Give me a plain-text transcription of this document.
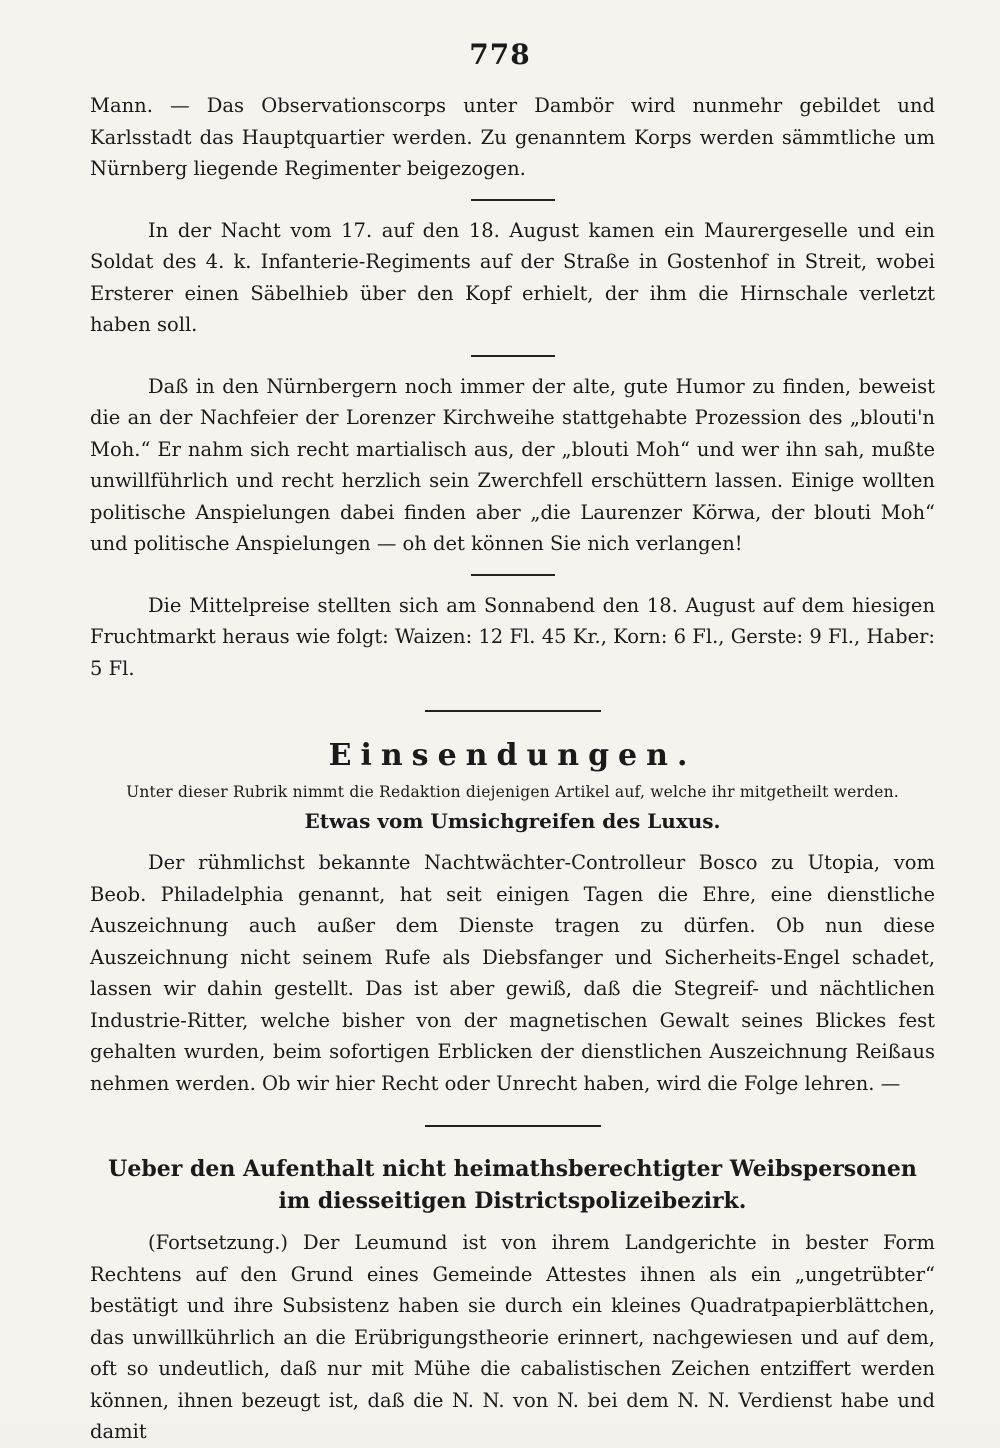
778

Mann. — Das Observationscorps unter Dambör wird nunmehr gebildet und Karlsstadt das Hauptquartier werden. Zu genanntem Korps werden sämmtliche um Nürnberg liegende Regimenter beigezogen.

In der Nacht vom 17. auf den 18. August kamen ein Maurergeselle und ein Soldat des 4. k. Infanterie-Regiments auf der Straße in Gostenhof in Streit, wobei Ersterer einen Säbelhieb über den Kopf erhielt, der ihm die Hirnschale verletzt haben soll.

Daß in den Nürnbergern noch immer der alte, gute Humor zu finden, beweist die an der Nachfeier der Lorenzer Kirchweihe stattgehabte Prozession des „blouti'n Moh.“ Er nahm sich recht martialisch aus, der „blouti Moh“ und wer ihn sah, mußte unwillführlich und recht herzlich sein Zwerchfell erschüttern lassen. Einige wollten politische Anspielungen dabei finden aber „die Laurenzer Körwa, der blouti Moh“ und politische Anspielungen — oh det können Sie nich verlangen!

Die Mittelpreise stellten sich am Sonnabend den 18. August auf dem hiesigen Fruchtmarkt heraus wie folgt: Waizen: 12 Fl. 45 Kr., Korn: 6 Fl., Gerste: 9 Fl., Haber: 5 Fl.

Einsendungen.
Unter dieser Rubrik nimmt die Redaktion diejenigen Artikel auf, welche ihr mitgetheilt werden.
Etwas vom Umsichgreifen des Luxus.

Der rühmlichst bekannte Nachtwächter-Controlleur Bosco zu Utopia, vom Beob. Philadelphia genannt, hat seit einigen Tagen die Ehre, eine dienstliche Auszeichnung auch außer dem Dienste tragen zu dürfen. Ob nun diese Auszeichnung nicht seinem Rufe als Diebsfanger und Sicherheits-Engel schadet, lassen wir dahin gestellt. Das ist aber gewiß, daß die Stegreif- und nächtlichen Industrie-Ritter, welche bisher von der magnetischen Gewalt seines Blickes fest gehalten wurden, beim sofortigen Erblicken der dienstlichen Auszeichnung Reißaus nehmen werden. Ob wir hier Recht oder Unrecht haben, wird die Folge lehren. —

Ueber den Aufenthalt nicht heimathsberechtigter Weibspersonen
im diesseitigen Districtspolizeibezirk.

(Fortsetzung.) Der Leumund ist von ihrem Landgerichte in bester Form Rechtens auf den Grund eines Gemeinde Attestes ihnen als ein „ungetrübter“ bestätigt und ihre Subsistenz haben sie durch ein kleines Quadratpapierblättchen, das unwillkührlich an die Erübrigungstheorie erinnert, nachgewiesen und auf dem, oft so undeutlich, daß nur mit Mühe die cabalistischen Zeichen entziffert werden können, ihnen bezeugt ist, daß die N. N. von N. bei dem N. N. Verdienst habe und damit
